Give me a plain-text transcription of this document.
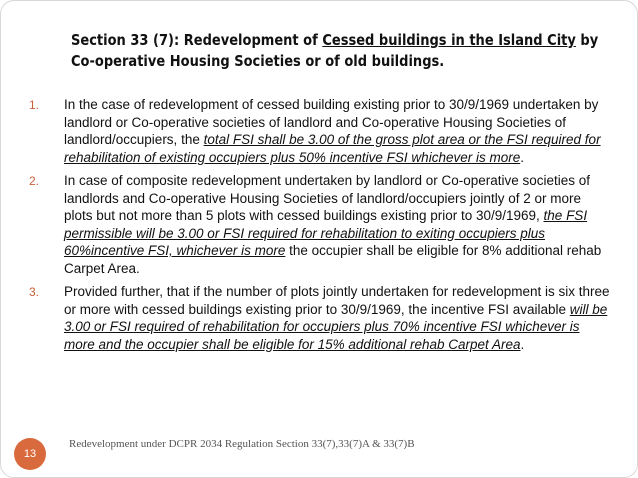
Section 33 (7): Redevelopment of Cessed buildings in the Island City by
Co-operative Housing Societies or of old buildings.
1. In the case of redevelopment of cessed building existing prior to 30/9/1969 undertaken by landlord or Co-operative societies of landlord and Co-operative Housing Societies of landlord/occupiers, the total FSI shall be 3.00 of the gross plot area or the FSI required for rehabilitation of existing occupiers plus 50% incentive FSI whichever is more.
2. In case of composite redevelopment undertaken by landlord or Co-operative societies of landlords and Co-operative Housing Societies of landlord/occupiers jointly of 2 or more plots but not more than 5 plots with cessed buildings existing prior to 30/9/1969, the FSI permissible will be 3.00 or FSI required for rehabilitation to exiting occupiers plus 60%incentive FSI, whichever is more the occupier shall be eligible for 8% additional rehab Carpet Area.
3. Provided further, that if the number of plots jointly undertaken for redevelopment is six three or more with cessed buildings existing prior to 30/9/1969, the incentive FSI available will be 3.00 or FSI required of rehabilitation for occupiers plus 70% incentive FSI whichever is more and the occupier shall be eligible for 15% additional rehab Carpet Area.
13
Redevelopment under DCPR 2034 Regulation Section 33(7),33(7)A & 33(7)B
